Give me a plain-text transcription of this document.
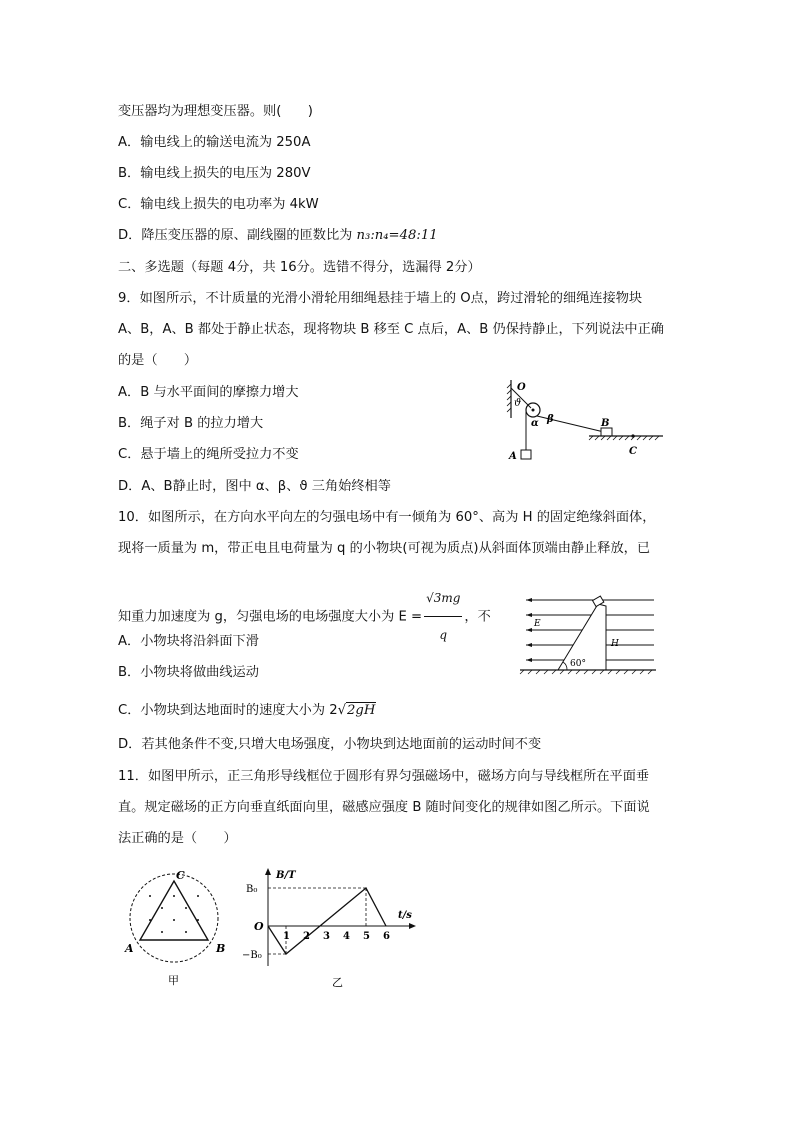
变压器均为理想变压器。则(　　)
A．输电线上的输送电流为 250A
B．输电线上损失的电压为 280V
C．输电线上损失的电功率为 4kW
D．降压变压器的原、副线圈的匝数比为 n₃:n₄=48:11
二、多选题（每题 4分，共 16分。选错不得分，选漏得 2分）
9．如图所示，不计质量的光滑小滑轮用细绳悬挂于墙上的 O点，跨过滑轮的细绳连接物块
A、B，A、B 都处于静止状态，现将物块 B 移至 C 点后，A、B 仍保持静止，下列说法中正确
的是（　　）
A．B 与水平面间的摩擦力增大
B．绳子对 B 的拉力增大
C．悬于墙上的绳所受拉力不变
D．A、B静止时，图中 α、β、ϑ 三角始终相等
O
ϑ
α β
A
B
C
10．如图所示，在方向水平向左的匀强电场中有一倾角为 60°、高为 H 的固定绝缘斜面体，
现将一质量为 m，带正电且电荷量为 q 的小物块(可视为质点)从斜面体顶端由静止释放，已
知重力加速度为 g，匀强电场的电场强度大小为 $E = \frac{√3mg}{q}$ ，不
A．小物块将沿斜面下滑
B．小物块将做曲线运动
C．小物块到达地面时的速度大小为 2√2gH
D．若其他条件不变,只增大电场强度，小物块到达地面前的运动时间不变
E
H
60°
11．如图甲所示，正三角形导线框位于圆形有界匀强磁场中，磁场方向与导线框所在平面垂
直。规定磁场的正方向垂直纸面向里，磁感应强度 B 随时间变化的规律如图乙所示。下面说
法正确的是（　　）
C
A	B
甲
B/T
t/s
O
B₀
−B₀
1 2 3 4 5 6
乙
